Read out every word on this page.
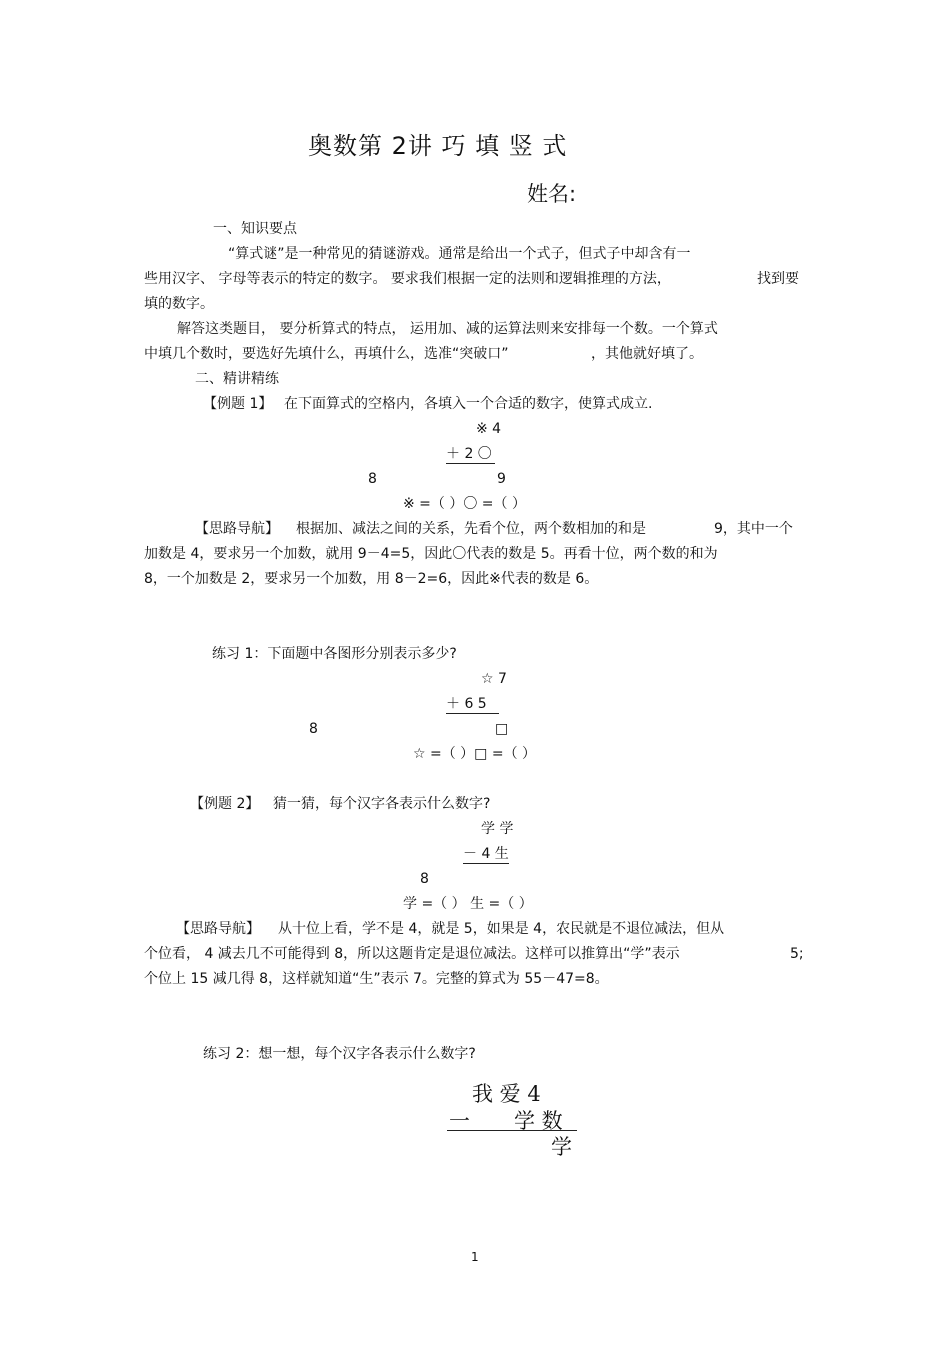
奥数第 2讲 巧 填 竖 式
姓名:
一、知识要点
“算式谜”是一种常见的猜谜游戏。通常是给出一个式子，但式子中却含有一
些用汉字、 字母等表示的特定的数字。 要求我们根据一定的法则和逻辑推理的方法，	找到要
填的数字。
解答这类题目， 要分析算式的特点， 运用加、减的运算法则来安排每一个数。一个算式
中填几个数时，要选好先填什么，再填什么，选准“突破口”	，其他就好填了。
二、精讲精练
【例题 1】 在下面算式的空格内，各填入一个合适的数字，使算式成立.
※ 4
＋ 2 〇
8	9
※ =（ ）〇 =（ ）
【思路导航】 根据加、减法之间的关系，先看个位，两个数相加的和是	9，其中一个
加数是 4，要求另一个加数，就用 9－4=5，因此〇代表的数是 5。再看十位，两个数的和为
8，一个加数是 2，要求另一个加数，用 8－2=6，因此※代表的数是 6。
练习 1：下面题中各图形分别表示多少?
☆ 7
＋ 6 5
8	□
☆ =（ ）□ =（ ）
【例题 2】 猜一猜，每个汉字各表示什么数字?
学 学
－ 4 生
8
学 =（ ） 生 =（ ）
【思路导航】 从十位上看，学不是 4，就是 5，如果是 4，农民就是不退位减法，但从
个位看， 4 减去几不可能得到 8，所以这题肯定是退位减法。这样可以推算出“学”表示	5;
个位上 15 减几得 8，这样就知道“生”表示 7。完整的算式为 55－47=8。
练习 2：想一想，每个汉字各表示什么数字?
我 爱 4
一 学 数
学
1
